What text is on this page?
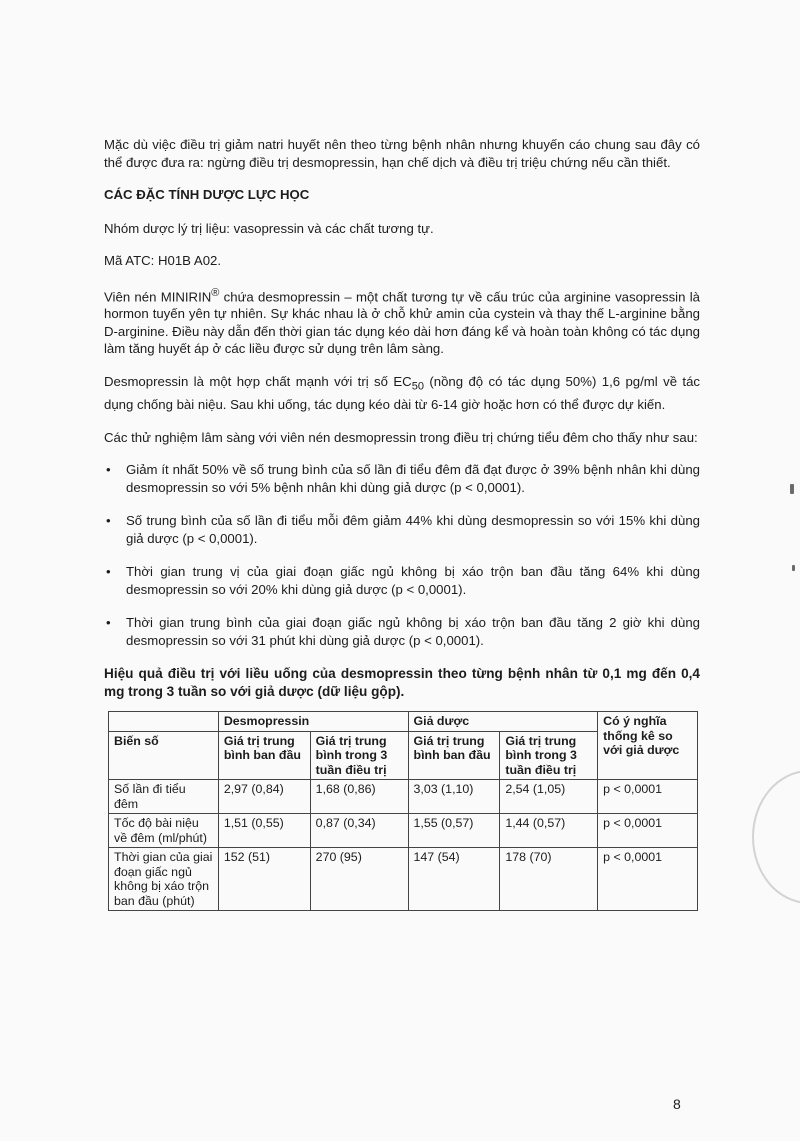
Mặc dù việc điều trị giảm natri huyết nên theo từng bệnh nhân nhưng khuyến cáo chung sau đây có thể được đưa ra: ngừng điều trị desmopressin, hạn chế dịch và điều trị triệu chứng nếu cần thiết.

CÁC ĐẶC TÍNH DƯỢC LỰC HỌC

Nhóm dược lý trị liệu: vasopressin và các chất tương tự.

Mã ATC: H01B A02.

Viên nén MINIRIN® chứa desmopressin – một chất tương tự về cấu trúc của arginine vasopressin là hormon tuyến yên tự nhiên. Sự khác nhau là ở chỗ khử amin của cystein và thay thế L-arginine bằng D-arginine. Điều này dẫn đến thời gian tác dụng kéo dài hơn đáng kể và hoàn toàn không có tác dụng làm tăng huyết áp ở các liều được sử dụng trên lâm sàng.

Desmopressin là một hợp chất mạnh với trị số $EC_{50}$ (nồng độ có tác dụng 50%) 1,6 pg/ml về tác dụng chống bài niệu. Sau khi uống, tác dụng kéo dài từ 6-14 giờ hoặc hơn có thể được dự kiến.

Các thử nghiệm lâm sàng với viên nén desmopressin trong điều trị chứng tiểu đêm cho thấy như sau:

• Giảm ít nhất 50% về số trung bình của số lần đi tiểu đêm đã đạt được ở 39% bệnh nhân khi dùng desmopressin so với 5% bệnh nhân khi dùng giả dược (p < 0,0001).
• Số trung bình của số lần đi tiểu mỗi đêm giảm 44% khi dùng desmopressin so với 15% khi dùng giả dược (p < 0,0001).
• Thời gian trung vị của giai đoạn giấc ngủ không bị xáo trộn ban đầu tăng 64% khi dùng desmopressin so với 20% khi dùng giả dược (p < 0,0001).
• Thời gian trung bình của giai đoạn giấc ngủ không bị xáo trộn ban đầu tăng 2 giờ khi dùng desmopressin so với 31 phút khi dùng giả dược (p < 0,0001).

Hiệu quả điều trị với liều uống của desmopressin theo từng bệnh nhân từ 0,1 mg đến 0,4 mg trong 3 tuần so với giả dược (dữ liệu gộp).

	Desmopressin		Giả dược		Có ý nghĩa thống kê so với giả dược
Biến số	Giá trị trung bình ban đầu	Giá trị trung bình trong 3 tuần điều trị	Giá trị trung bình ban đầu	Giá trị trung bình trong 3 tuần điều trị	
Số lần đi tiểu đêm	2,97 (0,84)	1,68 (0,86)	3,03 (1,10)	2,54 (1,05)	p < 0,0001
Tốc độ bài niệu về đêm (ml/phút)	1,51 (0,55)	0,87 (0,34)	1,55 (0,57)	1,44 (0,57)	p < 0,0001
Thời gian của giai đoạn giấc ngủ không bị xáo trộn ban đầu (phút)	152 (51)	270 (95)	147 (54)	178 (70)	p < 0,0001
8
